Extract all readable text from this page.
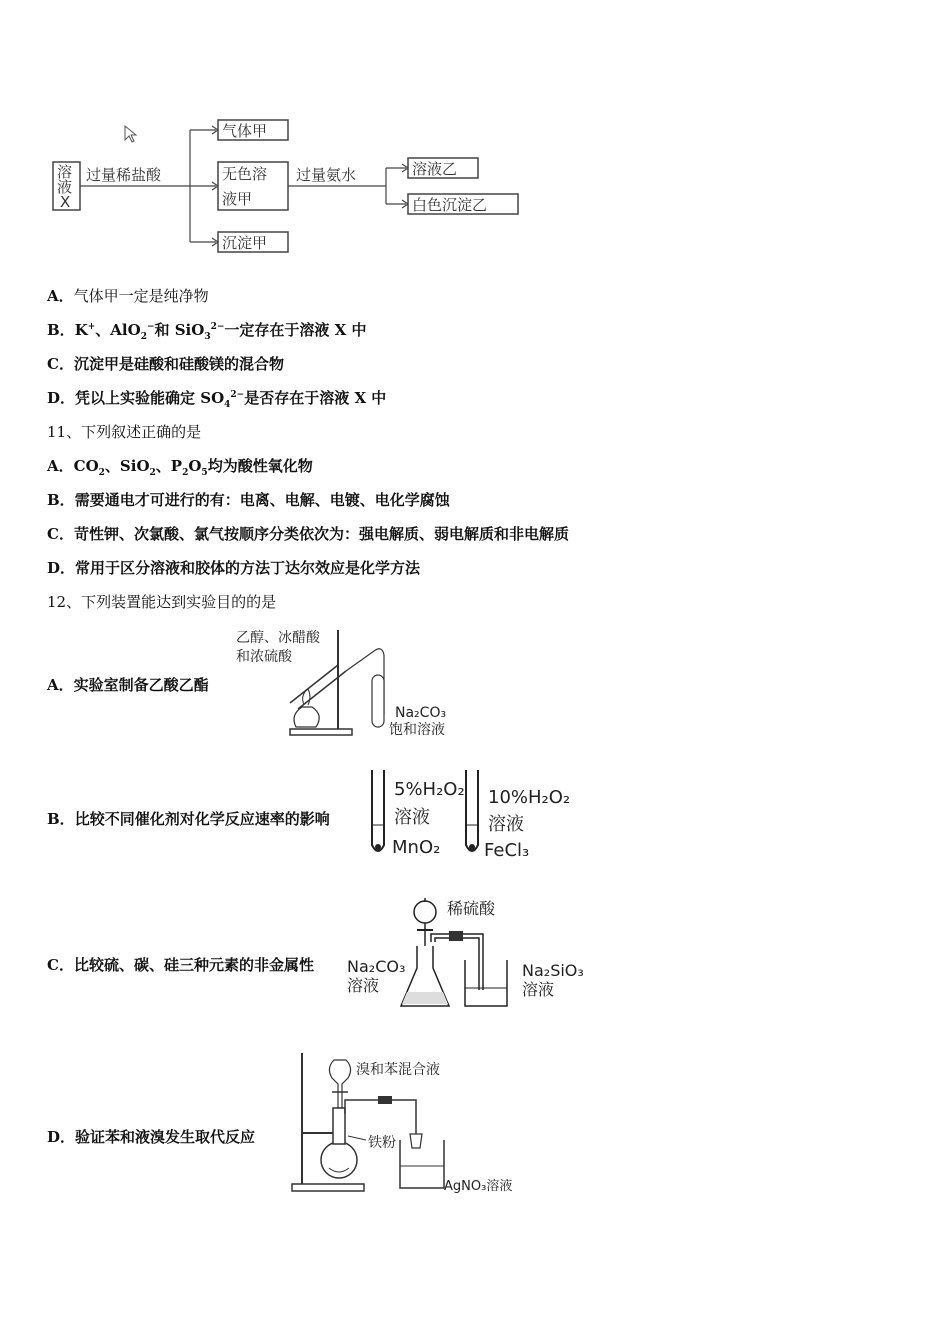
溶
液
X
过量稀盐酸
气体甲
无色溶
液甲
沉淀甲
过量氨水	溶液乙
白色沉淀乙
A．气体甲一定是纯净物
B．K+、AlO$_2$−和 SiO$_3^{2-}$一定存在于溶液 X 中
C．沉淀甲是硅酸和硅酸镁的混合物
D．凭以上实验能确定 $SO_4^{2-}$是否存在于溶液 X 中
11、下列叙述正确的是
A．$CO_2$、SiO$_2$、$P_2O_5$均为酸性氧化物
B．需要通电才可进行的有：电离、电解、电镀、电化学腐蚀
C．苛性钾、次氯酸、氯气按顺序分类依次为：强电解质、弱电解质和非电解质
D．常用于区分溶液和胶体的方法丁达尔效应是化学方法
12、下列装置能达到实验目的的是
A．实验室制备乙酸乙酯
乙醇、冰醋酸
和浓硫酸
Na₂CO₃
饱和溶液
B．比较不同催化剂对化学反应速率的影响
5%H₂O₂
溶液
MnO₂
10%H₂O₂
溶液
FeCl₃
C．比较硫、碳、硅三种元素的非金属性
稀硫酸
Na₂CO₃
溶液
Na₂SiO₃
溶液
D．验证苯和液溴发生取代反应
溴和苯混合液
铁粉
AgNO₃溶液
